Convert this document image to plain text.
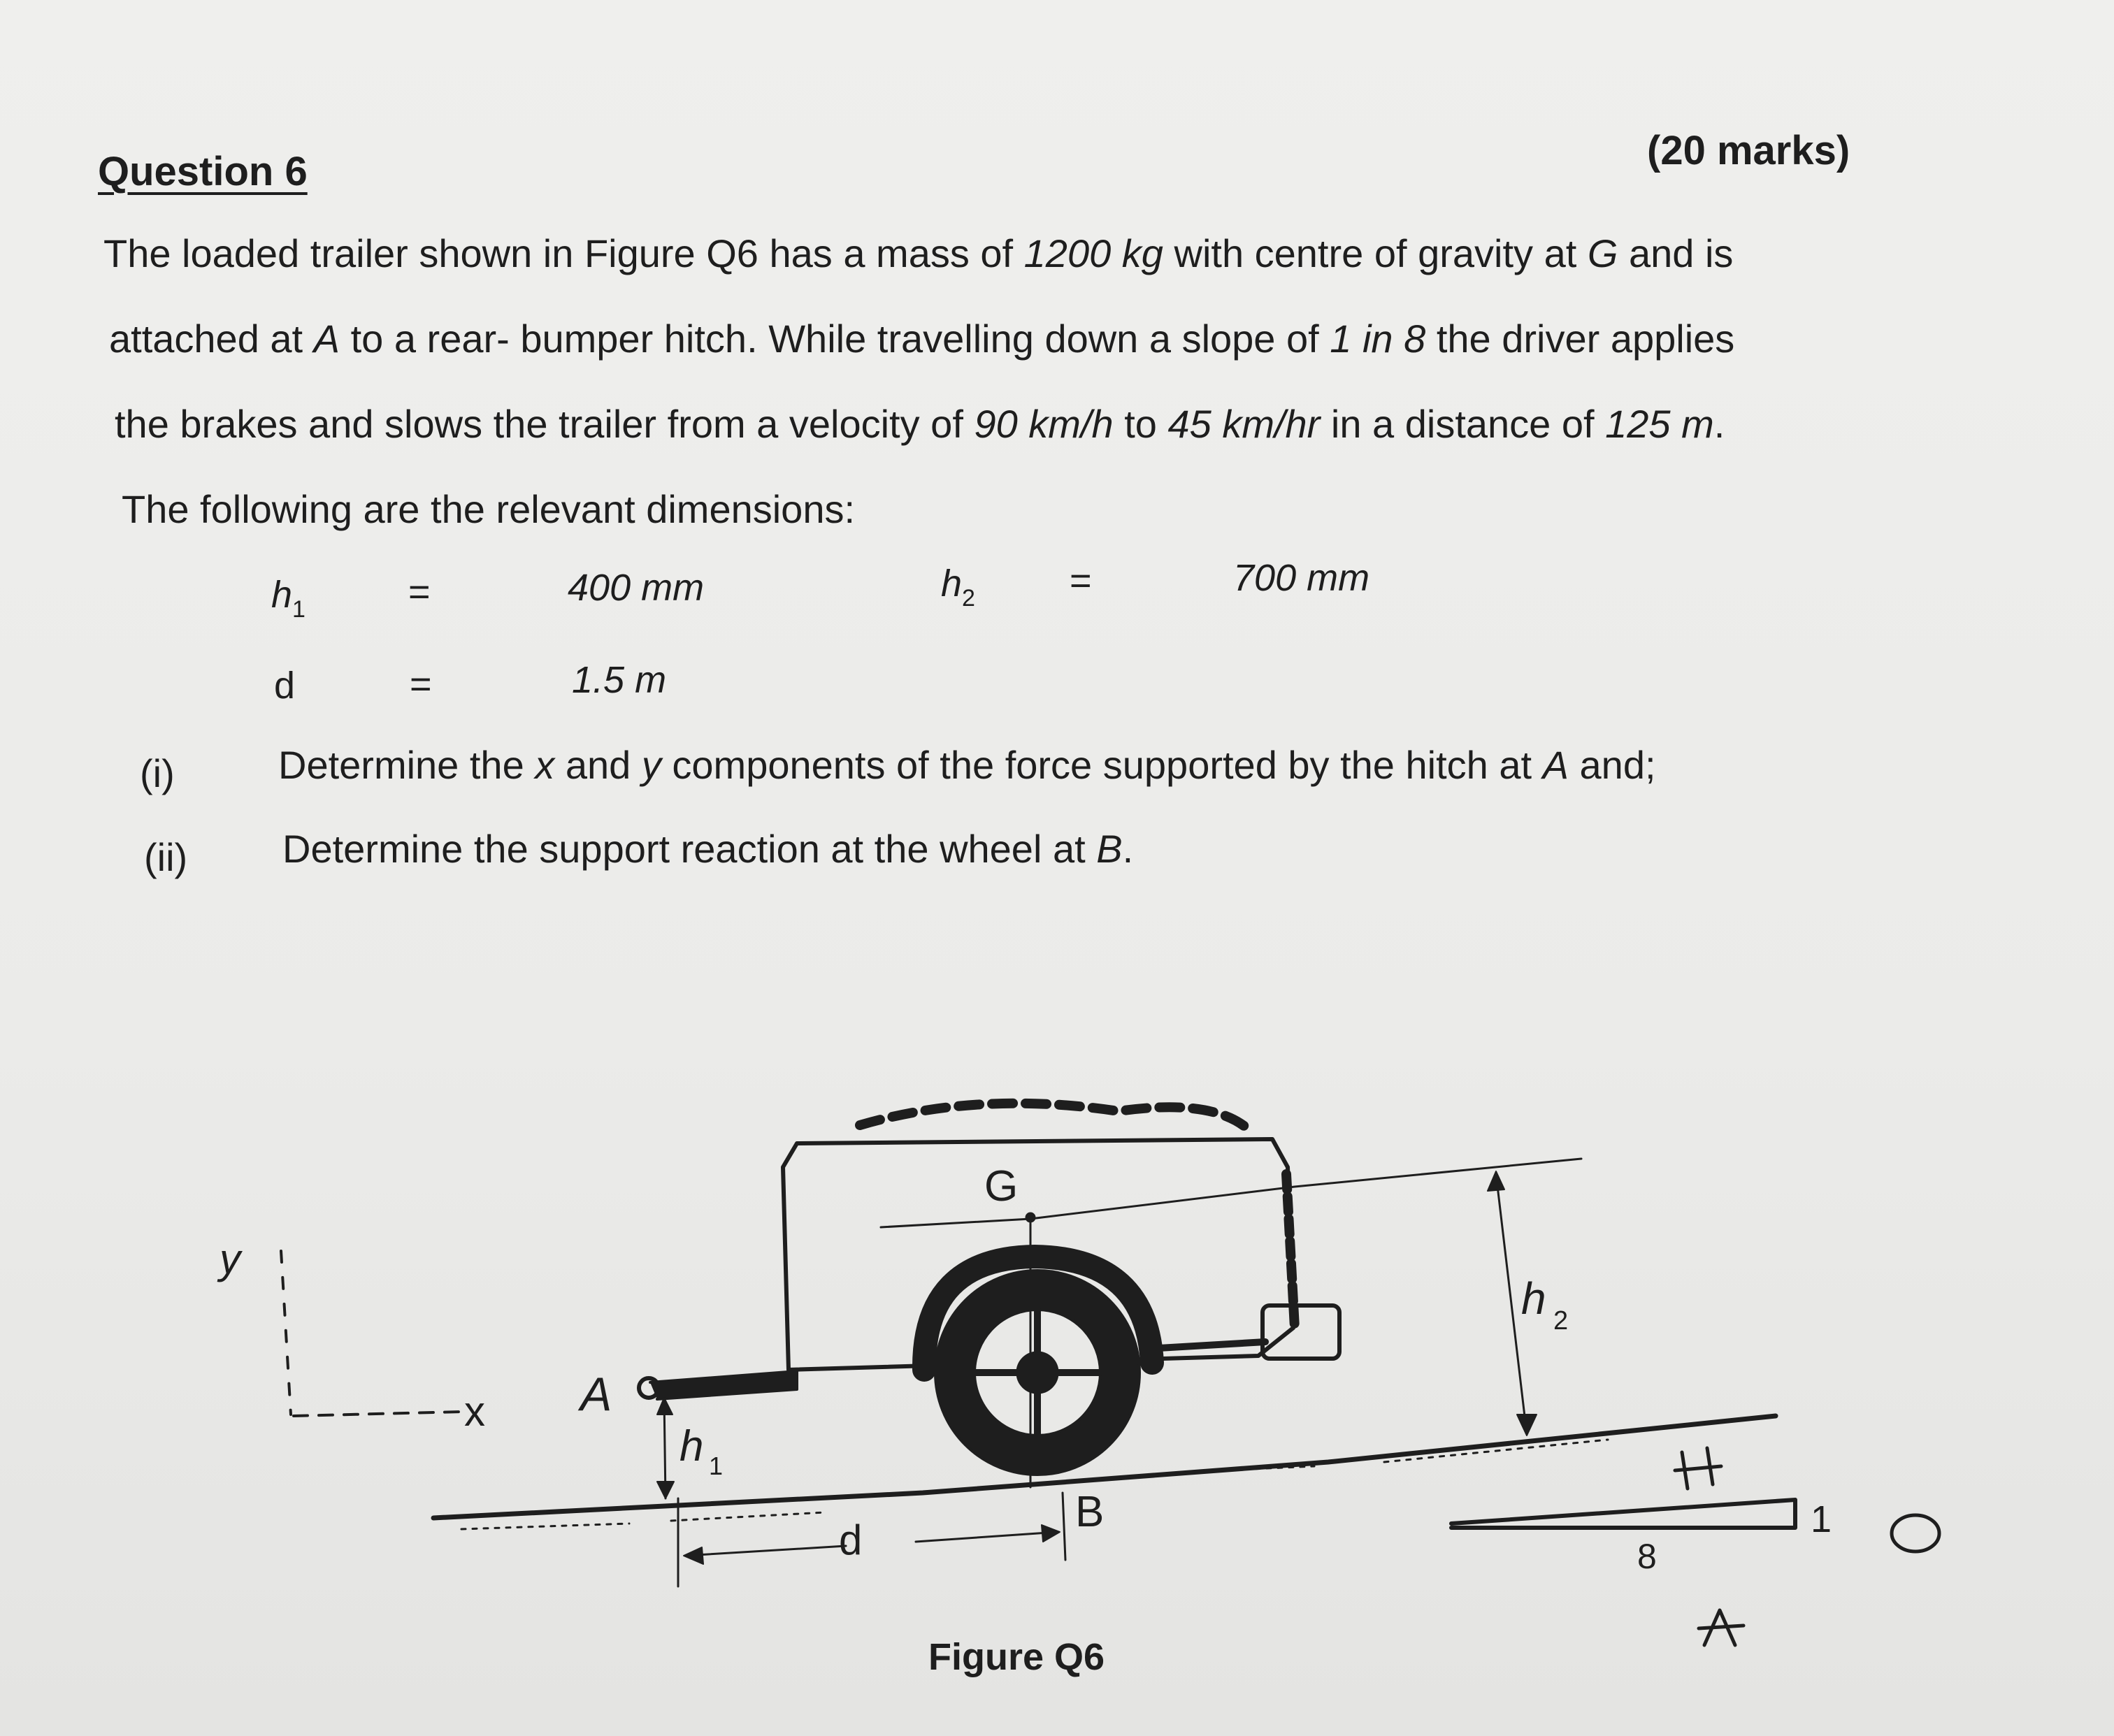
Question 6	(20 marks)
The loaded trailer shown in Figure Q6 has a mass of 1200 kg with centre of gravity at G and is
attached at A to a rear- bumper hitch. While travelling down a slope of 1 in 8 the driver applies
the brakes and slows the trailer from a velocity of 90 km/h to 45 km/hr in a distance of 125 m.
The following are the relevant dimensions:
$h_1$	=	400 mm	$h_2$	=	700 mm
d	=	1.5 m
(i)	Determine the x and y components of the force supported by the hitch at A and;
(ii) Determine the support reaction at the wheel at B.
G
A
B
d
h 1
h 2
y
x
1
8
Figure Q6
